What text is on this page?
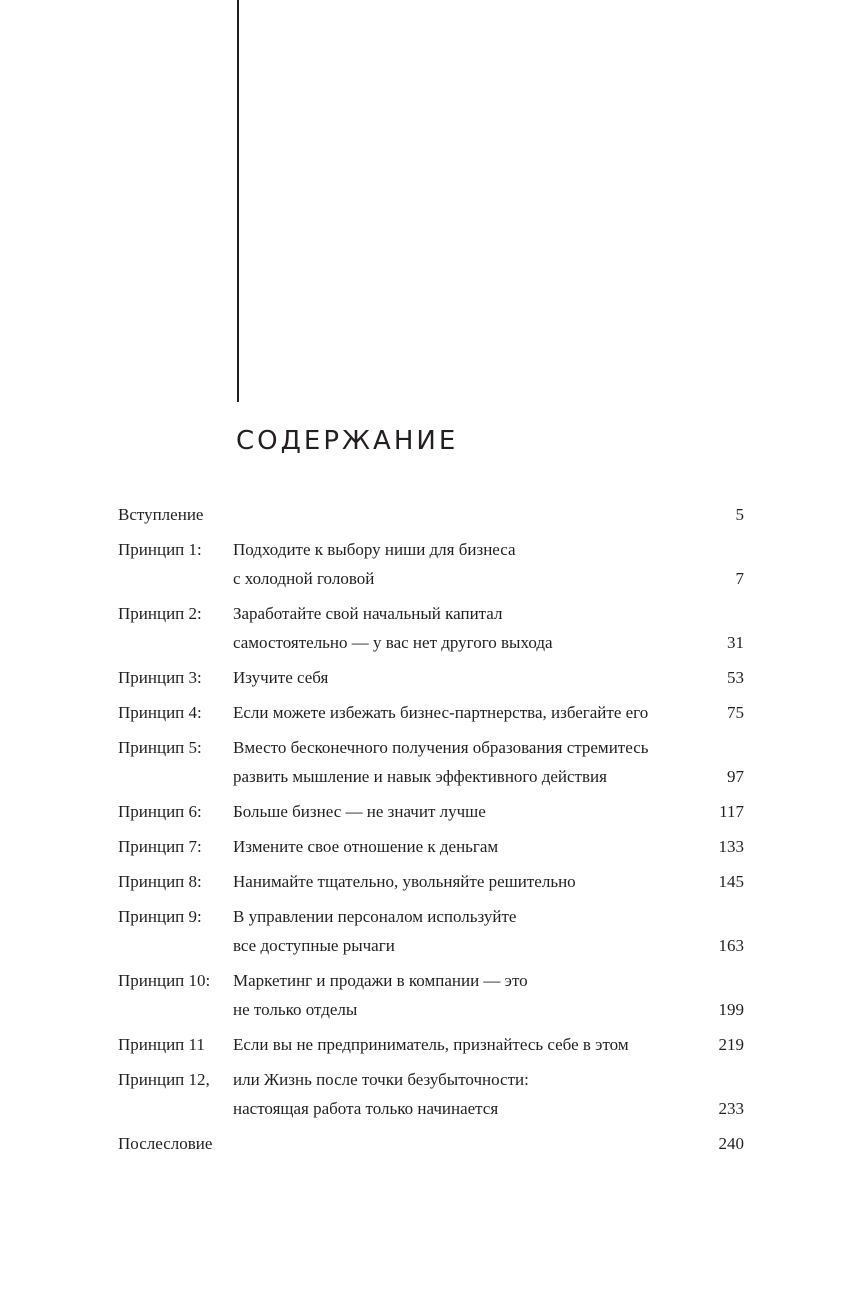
СОДЕРЖАНИЕ
Вступление	5
Принцип 1:	Подходите к выбору ниши для бизнеса
с холодной головой	7
Принцип 2:	Заработайте свой начальный капитал
самостоятельно — у вас нет другого выхода	31
Принцип 3:	Изучите себя	53
Принцип 4:	Если можете избежать бизнес-партнерства, избегайте его	75
Принцип 5:	Вместо бесконечного получения образования стремитесь
развить мышление и навык эффективного действия	97
Принцип 6:	Больше бизнес — не значит лучше	117
Принцип 7:	Измените свое отношение к деньгам	133
Принцип 8:	Нанимайте тщательно, увольняйте решительно	145
Принцип 9:	В управлении персоналом используйте
все доступные рычаги	163
Принцип 10:	Маркетинг и продажи в компании — это
не только отделы	199
Принцип 11	Если вы не предприниматель, признайтесь себе в этом	219
Принцип 12,	или Жизнь после точки безубыточности:
настоящая работа только начинается	233
Послесловие	240
